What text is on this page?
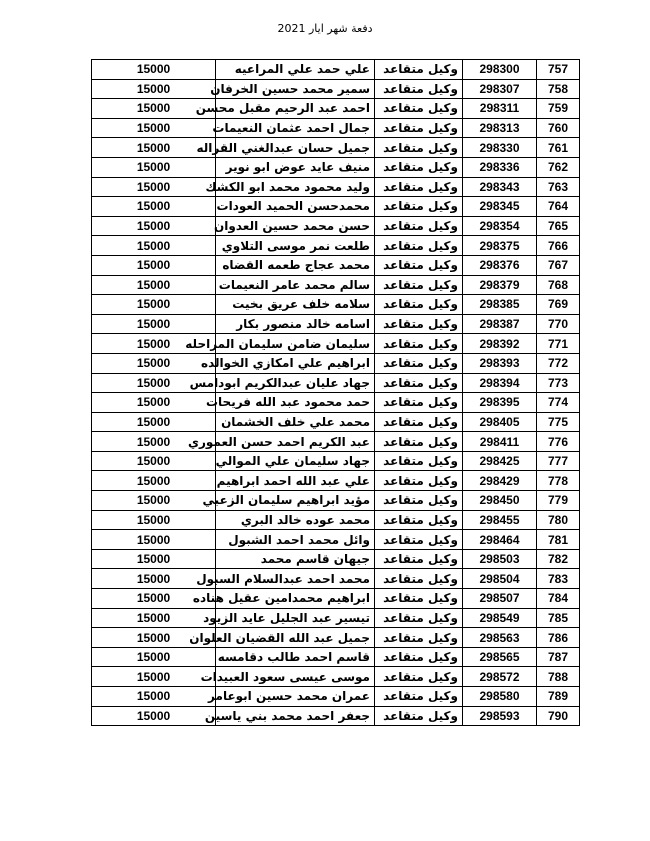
دفعة شهر ايار 2021
757	298300	وكيل متقاعد	علي حمد علي المراعيه	15000
758	298307	وكيل متقاعد	سمير محمد حسين الخرفان	15000
759	298311	وكيل متقاعد	احمد عبد الرحيم مقبل محسن	15000
760	298313	وكيل متقاعد	جمال احمد عثمان النعيمات	15000
761	298330	وكيل متقاعد	جميل حسان عبدالغني القراله	15000
762	298336	وكيل متقاعد	منيف عايد عوض ابو نوير	15000
763	298343	وكيل متقاعد	وليد محمود محمد ابو الكشك	15000
764	298345	وكيل متقاعد	محمدحسن الحميد العودات	15000
765	298354	وكيل متقاعد	حسن محمد حسين العدوان	15000
766	298375	وكيل متقاعد	طلعت نمر موسى التلاوي	15000
767	298376	وكيل متقاعد	محمد عجاج طعمه القضاه	15000
768	298379	وكيل متقاعد	سالم محمد عامر النعيمات	15000
769	298385	وكيل متقاعد	سلامه خلف عريق بخيت	15000
770	298387	وكيل متقاعد	اسامه خالد منصور بكار	15000
771	298392	وكيل متقاعد	سليمان ضامن سليمان المراحله	15000
772	298393	وكيل متقاعد	ابراهيم علي امكازي الخوالده	15000
773	298394	وكيل متقاعد	جهاد عليان عبدالكريم ابودامس	15000
774	298395	وكيل متقاعد	حمد محمود عبد الله فريحات	15000
775	298405	وكيل متقاعد	محمد علي خلف الخشمان	15000
776	298411	وكيل متقاعد	عبد الكريم احمد حسن العموري	15000
777	298425	وكيل متقاعد	جهاد سليمان علي الموالي	15000
778	298429	وكيل متقاعد	علي عبد الله احمد ابراهيم	15000
779	298450	وكيل متقاعد	مؤيد ابراهيم سليمان الزعبي	15000
780	298455	وكيل متقاعد	محمد عوده خالد البري	15000
781	298464	وكيل متقاعد	وائل محمد احمد الشبول	15000
782	298503	وكيل متقاعد	جيهان قاسم محمد	15000
783	298504	وكيل متقاعد	محمد احمد عبدالسلام السبول	15000
784	298507	وكيل متقاعد	ابراهيم محمدامين عقيل هناده	15000
785	298549	وكيل متقاعد	تيسير عبد الجليل عايد الزيود	15000
786	298563	وكيل متقاعد	جميل عبد الله القضيان العلوان	15000
787	298565	وكيل متقاعد	قاسم احمد طالب دقامسه	15000
788	298572	وكيل متقاعد	موسى عيسى سعود العبيدات	15000
789	298580	وكيل متقاعد	عمران محمد حسين ابوعامر	15000
790	298593	وكيل متقاعد	جعفر احمد محمد بني ياسين	15000
